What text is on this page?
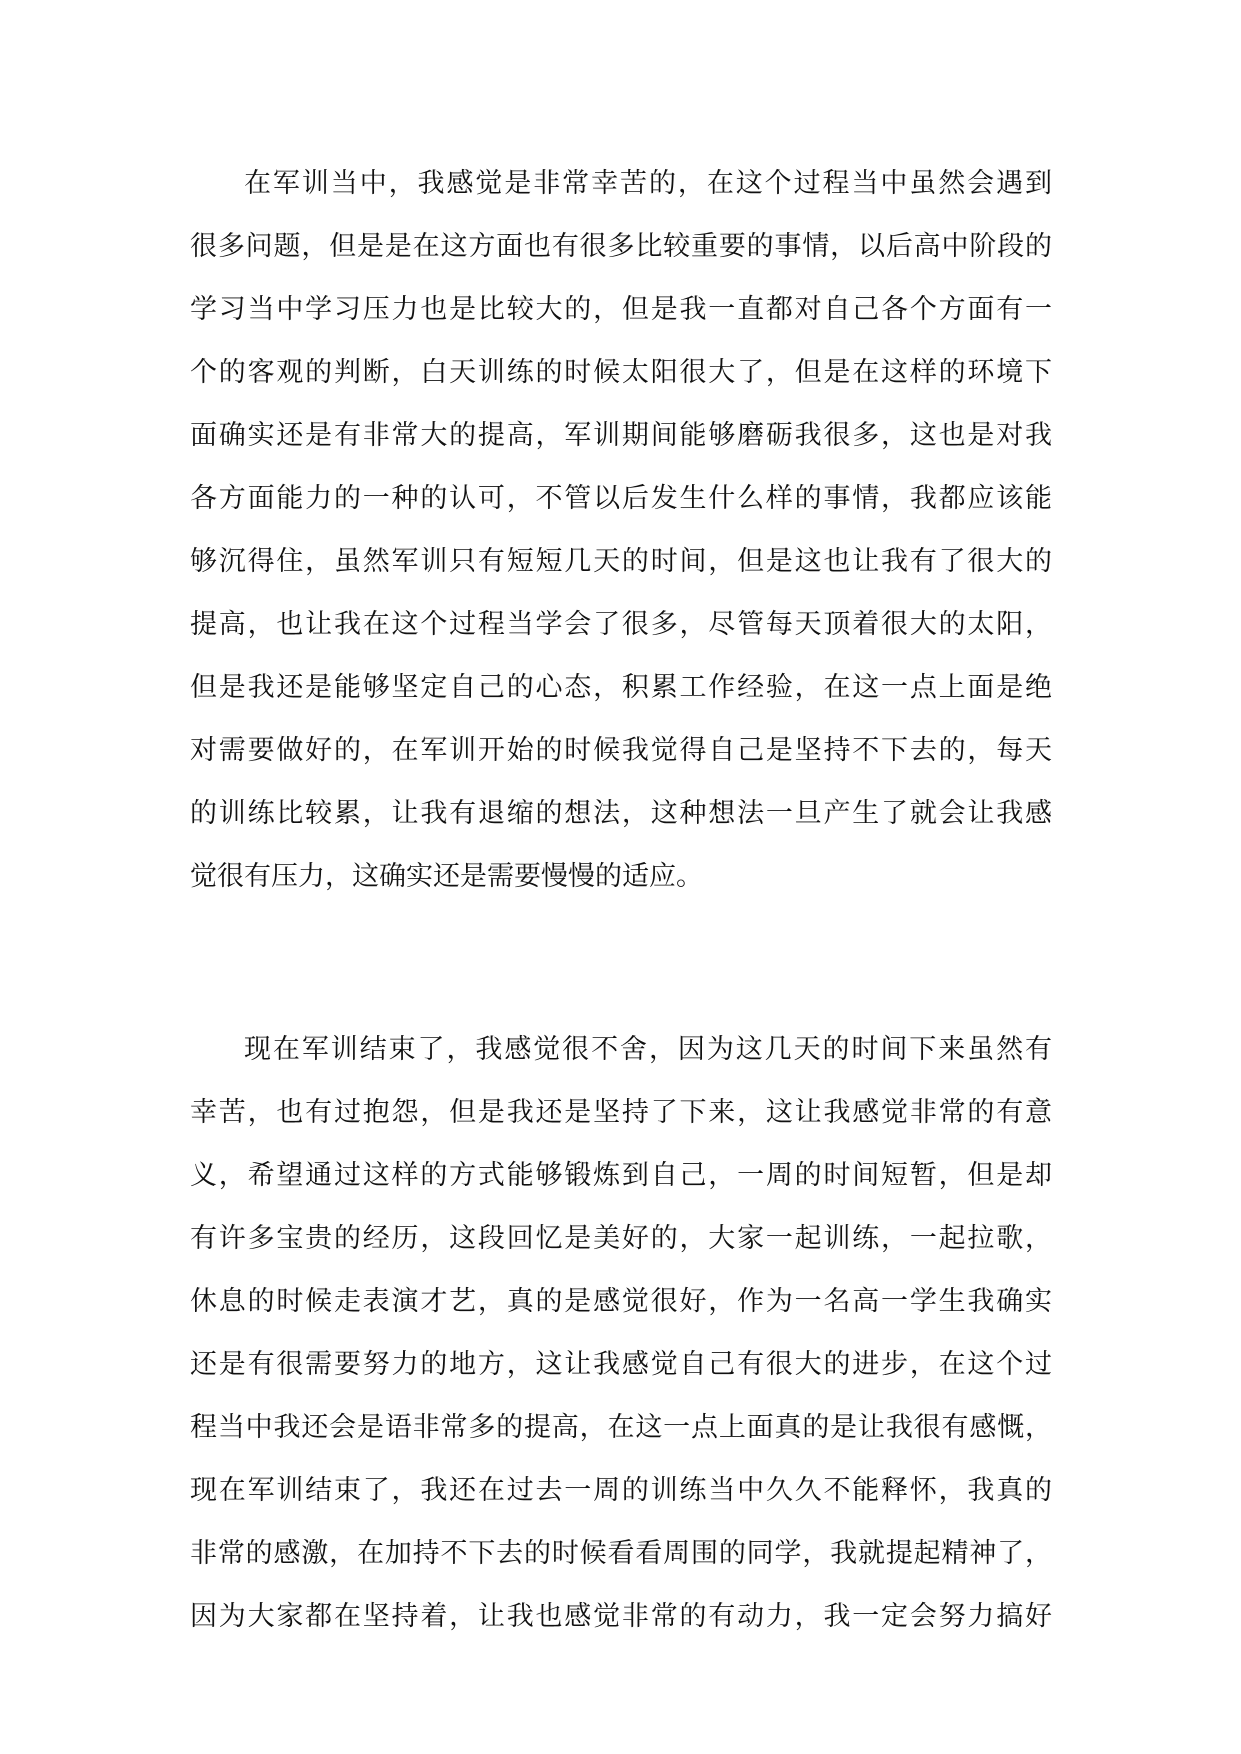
在军训当中，我感觉是非常幸苦的，在这个过程当中虽然会遇到
很多问题，但是是在这方面也有很多比较重要的事情，以后高中阶段的
学习当中学习压力也是比较大的，但是我一直都对自己各个方面有一
个的客观的判断，白天训练的时候太阳很大了，但是在这样的环境下
面确实还是有非常大的提高，军训期间能够磨砺我很多，这也是对我
各方面能力的一种的认可，不管以后发生什么样的事情，我都应该能
够沉得住，虽然军训只有短短几天的时间，但是这也让我有了很大的
提高，也让我在这个过程当学会了很多，尽管每天顶着很大的太阳，
但是我还是能够坚定自己的心态，积累工作经验，在这一点上面是绝
对需要做好的，在军训开始的时候我觉得自己是坚持不下去的，每天
的训练比较累，让我有退缩的想法，这种想法一旦产生了就会让我感
觉很有压力，这确实还是需要慢慢的适应。
现在军训结束了，我感觉很不舍，因为这几天的时间下来虽然有
幸苦，也有过抱怨，但是我还是坚持了下来，这让我感觉非常的有意
义，希望通过这样的方式能够锻炼到自己，一周的时间短暂，但是却
有许多宝贵的经历，这段回忆是美好的，大家一起训练，一起拉歌，
休息的时候走表演才艺，真的是感觉很好，作为一名高一学生我确实
还是有很需要努力的地方，这让我感觉自己有很大的进步，在这个过
程当中我还会是语非常多的提高，在这一点上面真的是让我很有感慨，
现在军训结束了，我还在过去一周的训练当中久久不能释怀，我真的
非常的感激，在加持不下去的时候看看周围的同学，我就提起精神了，
因为大家都在坚持着，让我也感觉非常的有动力，我一定会努力搞好
